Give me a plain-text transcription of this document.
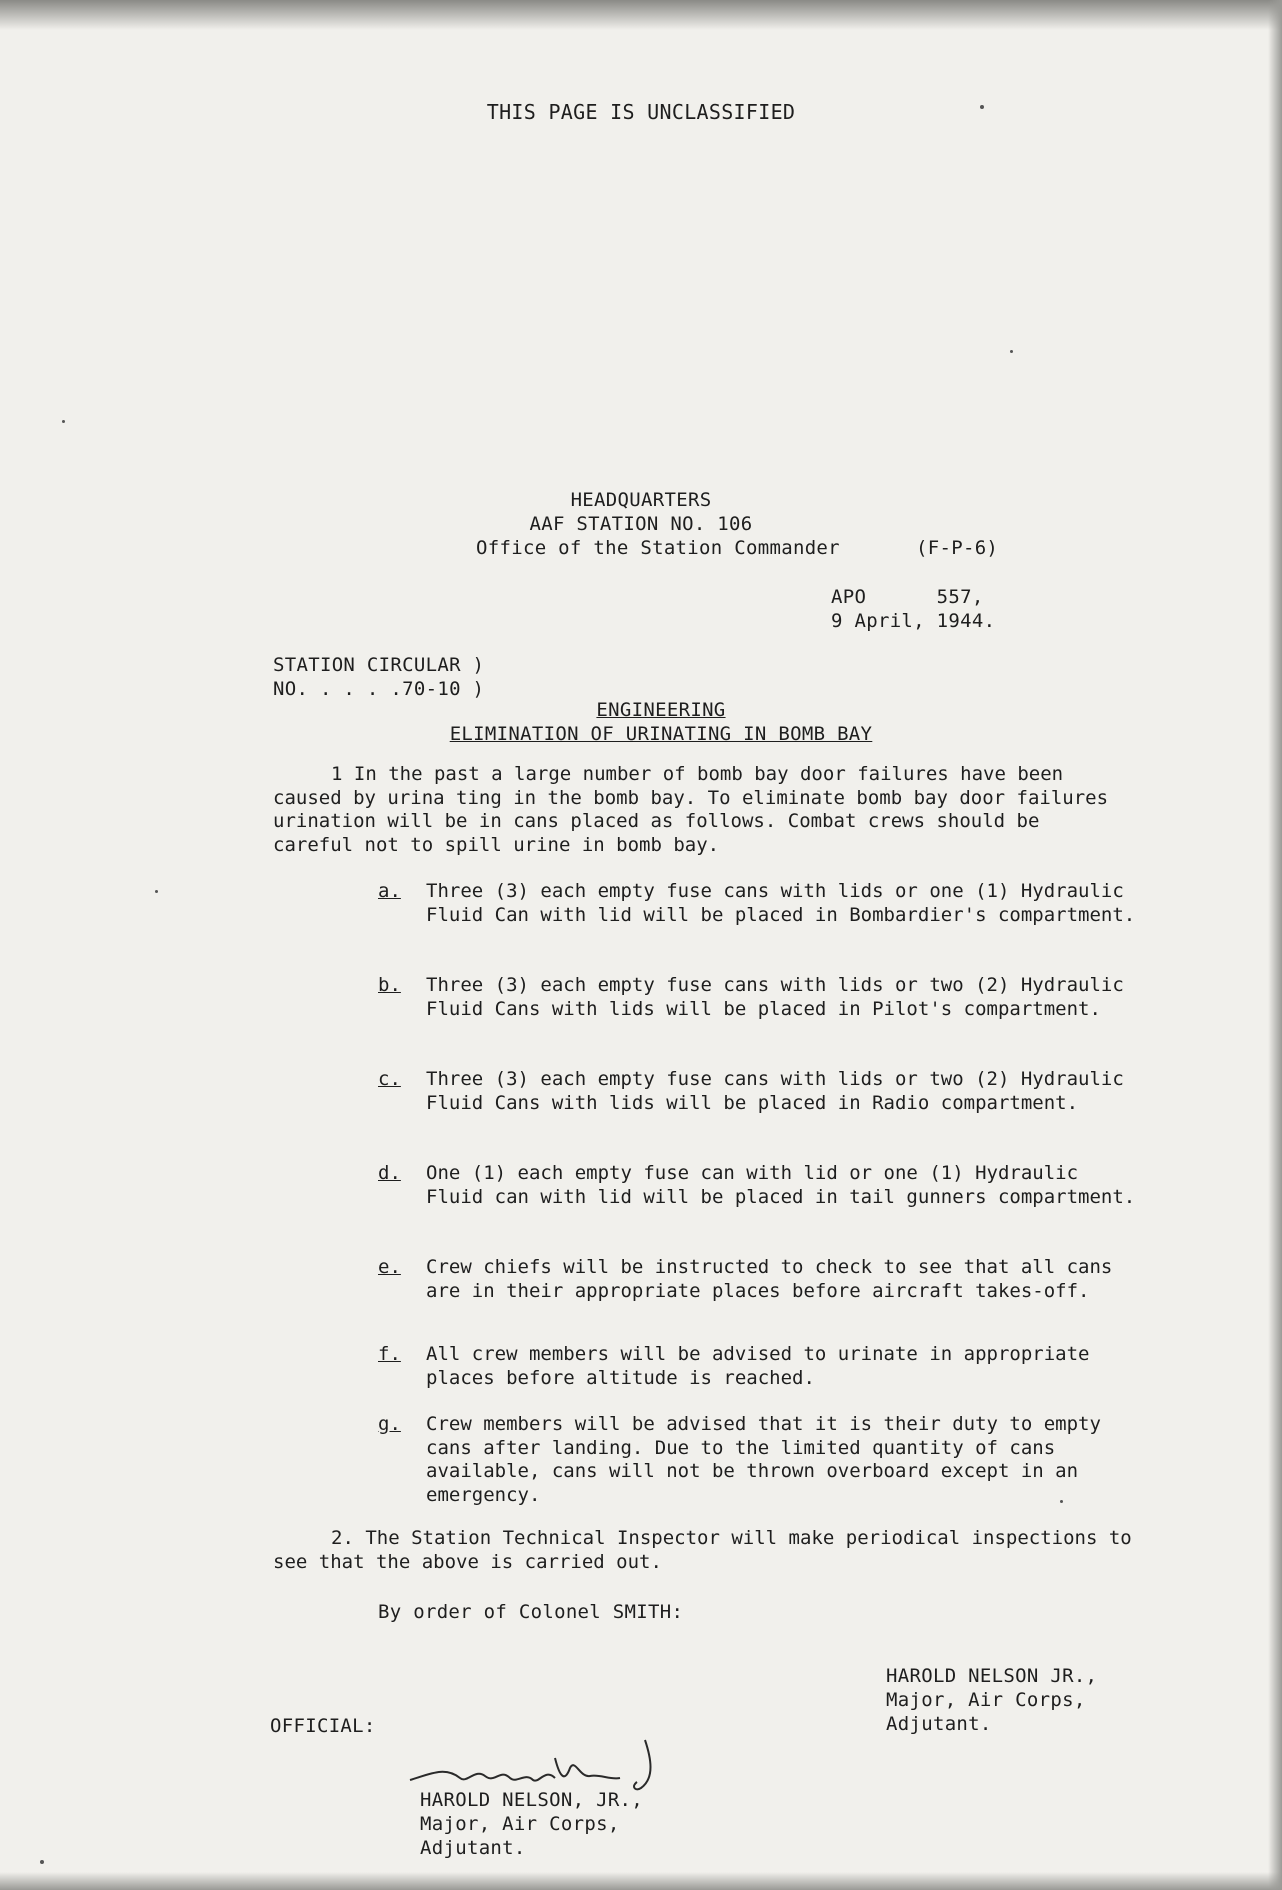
THIS PAGE IS UNCLASSIFIED
HEADQUARTERS
AAF STATION NO. 106
Office of the Station Commander	(F-P-6)
APO      557,
9 April, 1944.
STATION CIRCULAR )
NO. . . . .70-10 )
ENGINEERING
ELIMINATION OF URINATING IN BOMB BAY
1 In the past a large number of bomb bay door failures have been caused by urina ting in the bomb bay. To eliminate bomb bay door failures urination will be in cans placed as follows. Combat crews should be careful not to spill urine in bomb bay.
a. Three (3) each empty fuse cans with lids or one (1) Hydraulic Fluid Can with lid will be placed in Bombardier's compartment.
b. Three (3) each empty fuse cans with lids or two (2) Hydraulic Fluid Cans with lids will be placed in Pilot's compartment.
c. Three (3) each empty fuse cans with lids or two (2) Hydraulic Fluid Cans with lids will be placed in Radio compartment.
d. One (1) each empty fuse can with lid or one (1) Hydraulic Fluid can with lid will be placed in tail gunners compartment.
e. Crew chiefs will be instructed to check to see that all cans are in their appropriate places before aircraft takes-off.
f. All crew members will be advised to urinate in appropriate places before altitude is reached.
g. Crew members will be advised that it is their duty to empty cans after landing. Due to the limited quantity of cans available, cans will not be thrown overboard except in an emergency.
2. The Station Technical Inspector will make periodical inspections to see that the above is carried out.
By order of Colonel SMITH:
HAROLD NELSON JR.,
Major, Air Corps,
Adjutant.
OFFICIAL:
HAROLD NELSON, JR.,
Major, Air Corps,
Adjutant.
